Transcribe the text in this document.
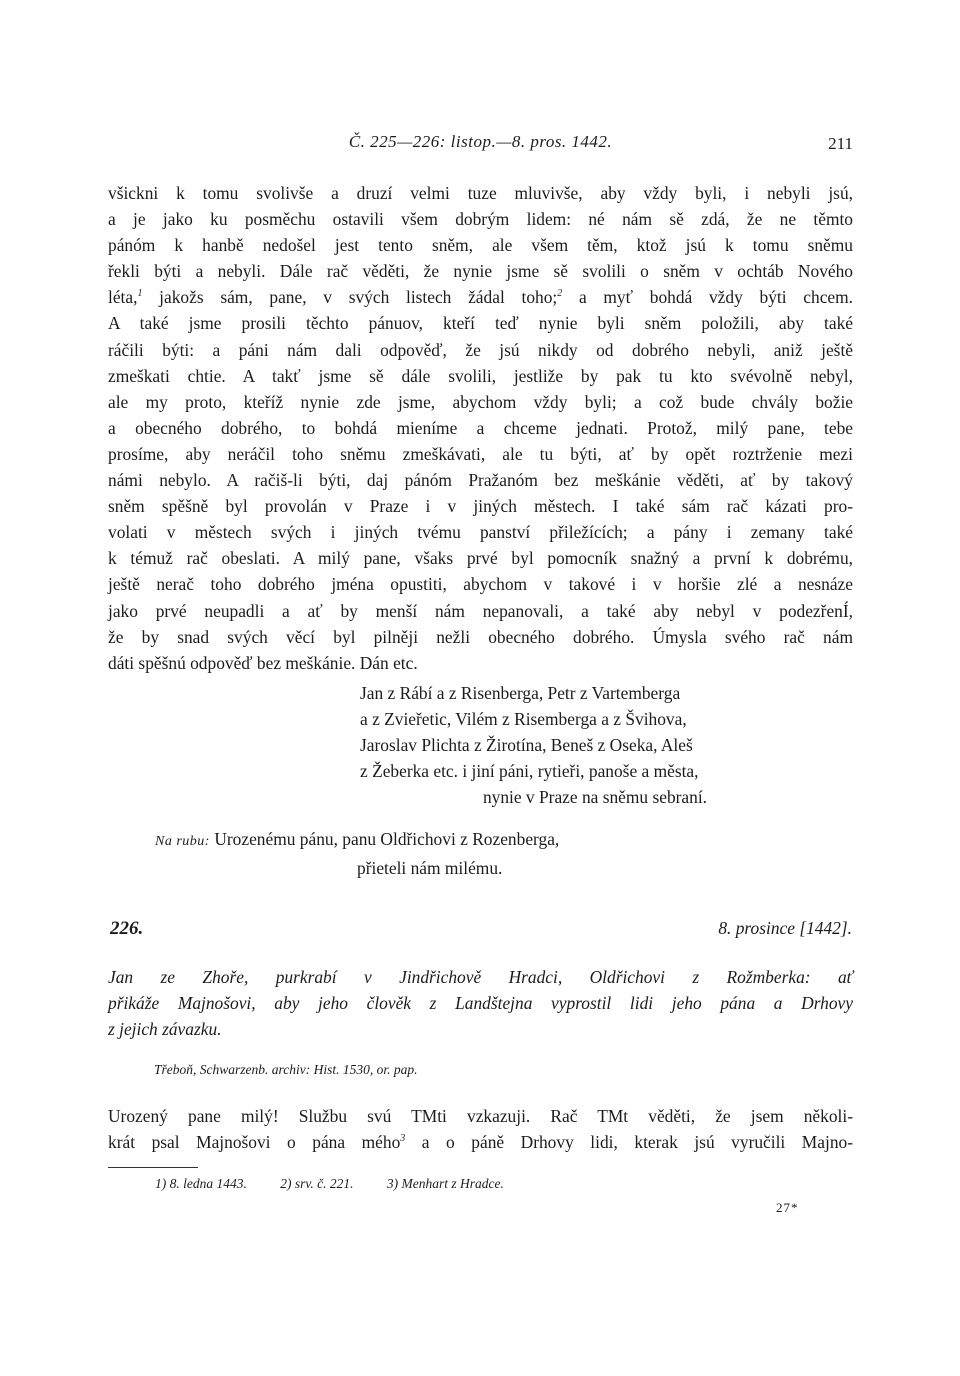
Č. 225—226: listop.—8. pros. 1442.	211
všickni k tomu svolivše a druzí velmi tuze mluvivše, aby vždy byli, i nebyli jsú,
a je jako ku posměchu ostavili všem dobrým lidem: né nám sě zdá, že ne těmto
pánóm k hanbě nedošel jest tento sněm, ale všem těm, ktož jsú k tomu sněmu
řekli býti a nebyli. Dále rač věděti, že nynie jsme sě svolili o sněm v ochtáb Nového
léta,$^1$ jakožs sám, pane, v svých listech žádal toho;$^2$ a myť bohdá vždy býti chcem.
A také jsme prosili těchto pánuov, kteří teď nynie byli sněm položili, aby také
ráčili býti: a páni nám dali odpověď, že jsú nikdy od dobrého nebyli, aniž ještě
zmeškati chtie. A takť jsme sě dále svolili, jestliže by pak tu kto svévolně nebyl,
ale my proto, kteříž nynie zde jsme, abychom vždy byli; a což bude chvály božie
a obecného dobrého, to bohdá mieníme a chceme jednati. Protož, milý pane, tebe
prosíme, aby neráčil toho sněmu zmeškávati, ale tu býti, ať by opět roztrženie mezi
námi nebylo. A račiš-li býti, daj pánóm Pražanóm bez meškánie věděti, ať by takový
sněm spěšně byl provolán v Praze i v jiných městech. I také sám rač kázati pro-
volati v městech svých i jiných tvému panství přiležících; a pány i zemany také
k témuž rač obeslati. A milý pane, všaks prvé byl pomocník snažný a první k dobrému,
ještě nerač toho dobrého jména opustiti, abychom v takové i v horšie zlé a nesnáze
jako prvé neupadli a ať by menší nám nepanovali, a také aby nebyl v podezřenÍ,
že by snad svých věcí byl pilněji nežli obecného dobrého. Úmysla svého rač nám
dáti spěšnú odpověď bez meškánie. Dán etc.
Jan z Rábí a z Risenberga, Petr z Vartemberga
a z Zvieřetic, Vilém z Risemberga a z Švihova,
Jaroslav Plichta z Žirotína, Beneš z Oseka, Aleš
z Žeberka etc. i jiní páni, rytieři, panoše a města,
nynie v Praze na sněmu sebraní.
Na rubu: Urozenému pánu, panu Oldřichovi z Rozenberga,
přieteli nám milému.
226.	8. prosince [1442].
Jan ze Zhoře, purkrabí v Jindřichově Hradci, Oldřichovi z Rožmberka: ať
přikáže Majnošovi, aby jeho člověk z Landštejna vyprostil lidi jeho pána a Drhovy
z jejich závazku.
Třeboň, Schwarzenb. archiv: Hist. 1530, or. pap.
Urozený pane milý! Službu svú TMti vzkazuji. Rač TMt věděti, že jsem několi-
krát psal Majnošovi o pána mého$^3$ a o páně Drhovy lidi, kterak jsú vyručili Majno-
1) 8. ledna 1443. 2) srv. č. 221. 3) Menhart z Hradce.
27*
